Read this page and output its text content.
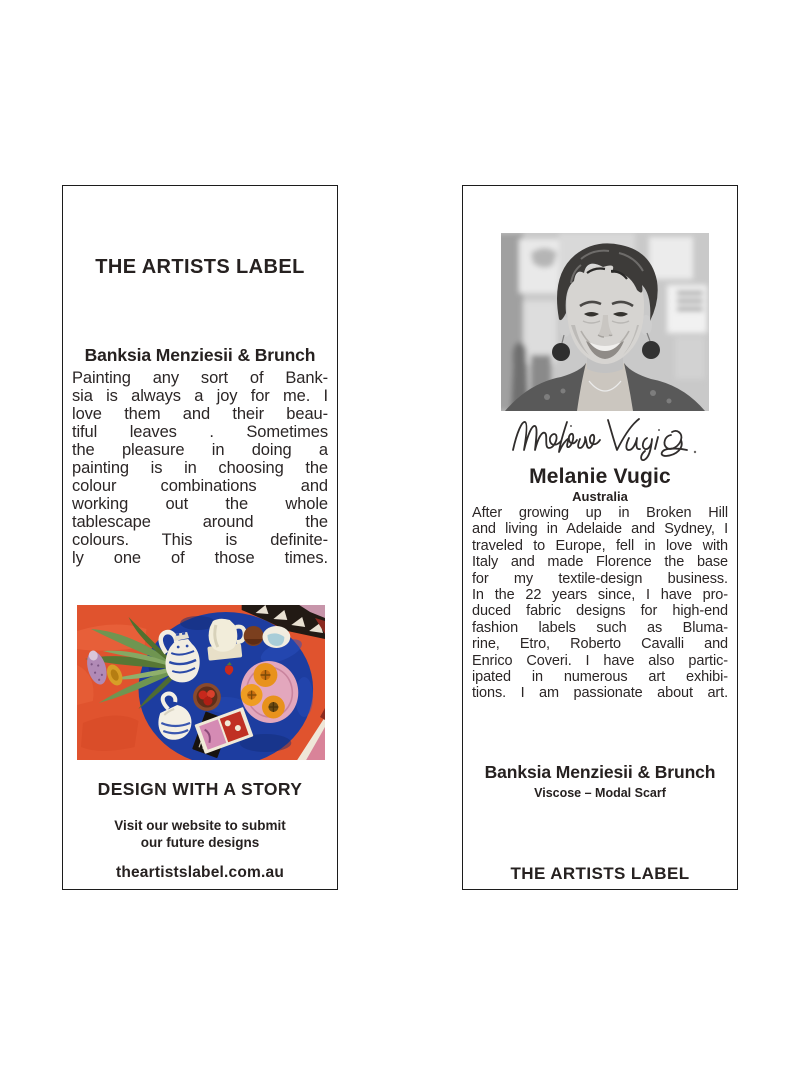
THE ARTISTS LABEL
Banksia Menziesii & Brunch
Painting any sort of Bank-
sia is always a joy for me. I
love them and their beau-
tiful leaves . Sometimes
the pleasure in doing a
painting is in choosing the
colour combinations and
working out the whole
tablescape around the
colours. This is definite-
ly one of those times.
DESIGN WITH A STORY
Visit our website to submit
our future designs
theartistslabel.com.au
Melanie Vugic
Australia
After growing up in Broken Hill
and living in Adelaide and Sydney, I
traveled to Europe, fell in love with
Italy and made Florence the base
for my textile-design business.
In the 22 years since, I have pro-
duced fabric designs for high-end
fashion labels such as Bluma-
rine, Etro, Roberto Cavalli and
Enrico Coveri. I have also partic-
ipated in numerous art exhibi-
tions. I am passionate about art.
Banksia Menziesii & Brunch
Viscose – Modal Scarf
THE ARTISTS LABEL
